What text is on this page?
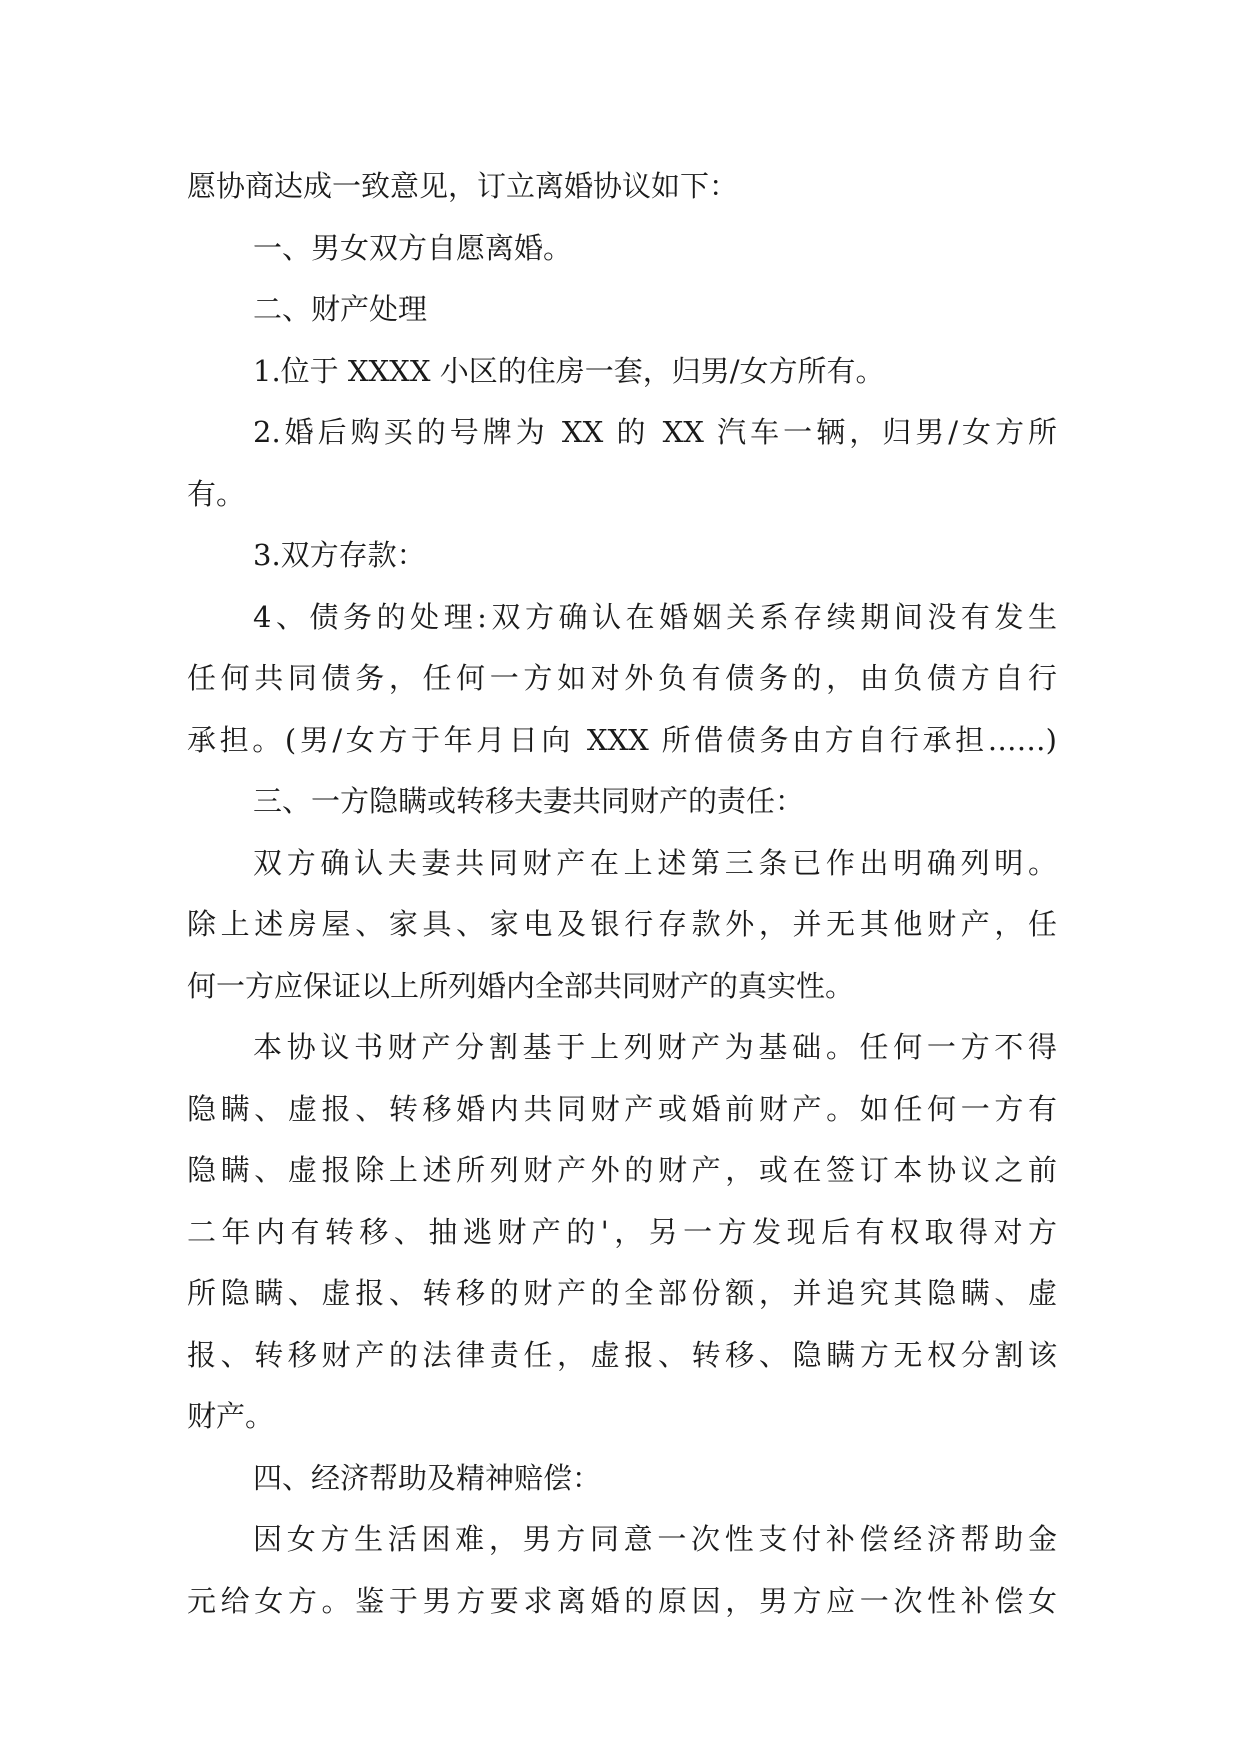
愿协商达成一致意见，订立离婚协议如下：
一、男女双方自愿离婚。
二、财产处理
1.位于 XXXX 小区的住房一套，归男/女方所有。
2.婚后购买的号牌为 XX 的 XX 汽车一辆，归男/女方所
有。
3.双方存款：
4、债务的处理:双方确认在婚姻关系存续期间没有发生
任何共同债务，任何一方如对外负有债务的，由负债方自行
承担。(男/女方于年月日向 XXX 所借债务由方自行承担……)
三、一方隐瞒或转移夫妻共同财产的责任：
双方确认夫妻共同财产在上述第三条已作出明确列明。
除上述房屋、家具、家电及银行存款外，并无其他财产，任
何一方应保证以上所列婚内全部共同财产的真实性。
本协议书财产分割基于上列财产为基础。任何一方不得
隐瞒、虚报、转移婚内共同财产或婚前财产。如任何一方有
隐瞒、虚报除上述所列财产外的财产，或在签订本协议之前
二年内有转移、抽逃财产的'，另一方发现后有权取得对方
所隐瞒、虚报、转移的财产的全部份额，并追究其隐瞒、虚
报、转移财产的法律责任，虚报、转移、隐瞒方无权分割该
财产。
四、经济帮助及精神赔偿：
因女方生活困难，男方同意一次性支付补偿经济帮助金
元给女方。鉴于男方要求离婚的原因，男方应一次性补偿女
